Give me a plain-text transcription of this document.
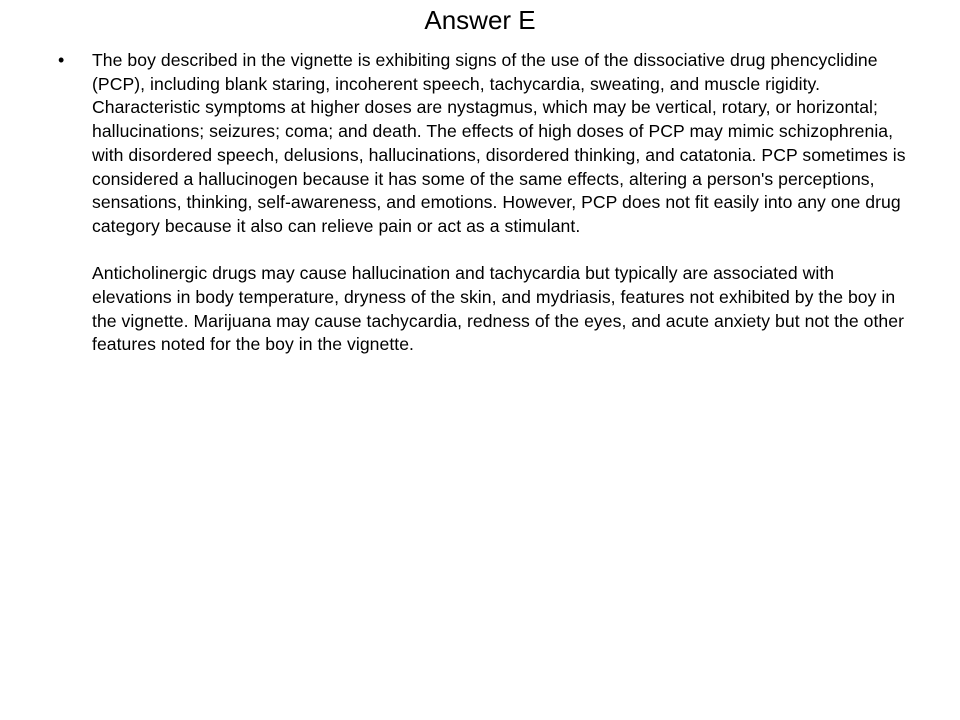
Answer E
• The boy described in the vignette is exhibiting signs of the use of the dissociative drug phencyclidine (PCP), including blank staring, incoherent speech, tachycardia, sweating, and muscle rigidity. Characteristic symptoms at higher doses are nystagmus, which may be vertical, rotary, or horizontal; hallucinations; seizures; coma; and death. The effects of high doses of PCP may mimic schizophrenia, with disordered speech, delusions, hallucinations, disordered thinking, and catatonia. PCP sometimes is considered a hallucinogen because it has some of the same effects, altering a person's perceptions, sensations, thinking, self-awareness, and emotions. However, PCP does not fit easily into any one drug category because it also can relieve pain or act as a stimulant.

Anticholinergic drugs may cause hallucination and tachycardia but typically are associated with elevations in body temperature, dryness of the skin, and mydriasis, features not exhibited by the boy in the vignette. Marijuana may cause tachycardia, redness of the eyes, and acute anxiety but not the other features noted for the boy in the vignette.
